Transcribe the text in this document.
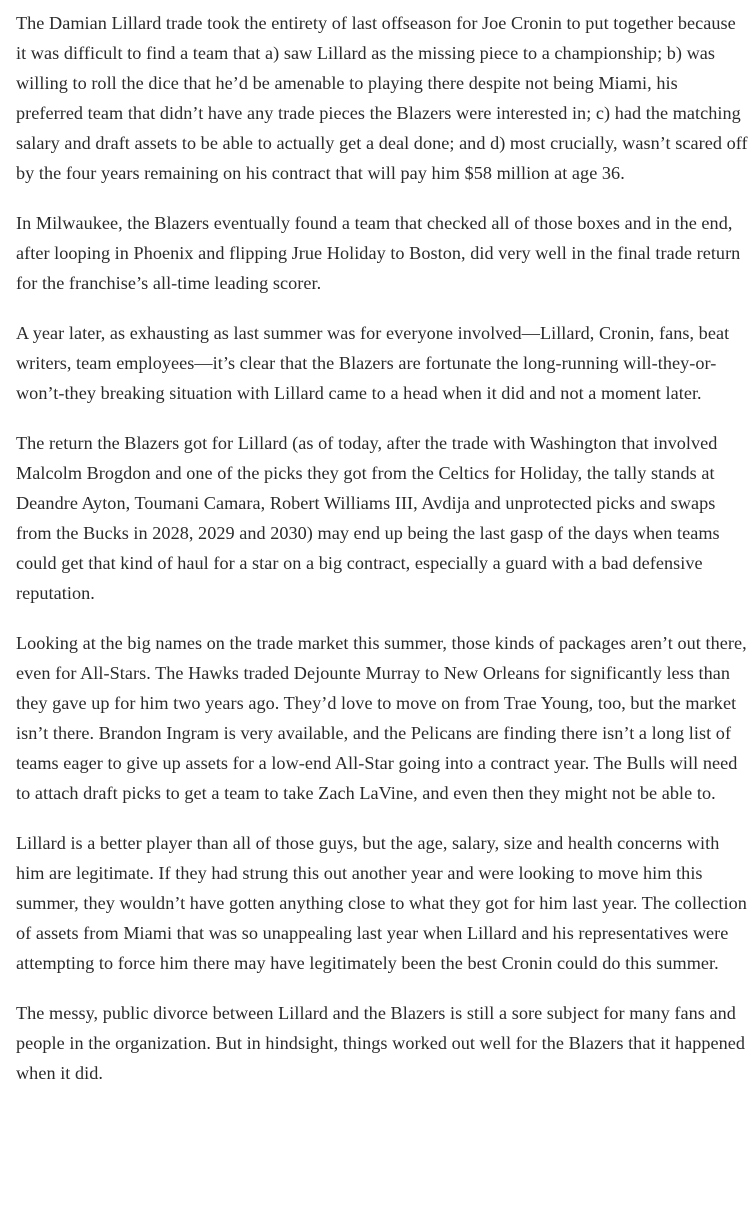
The Damian Lillard trade took the entirety of last offseason for Joe Cronin to put together because it was difficult to find a team that a) saw Lillard as the missing piece to a championship; b) was willing to roll the dice that he’d be amenable to playing there despite not being Miami, his preferred team that didn’t have any trade pieces the Blazers were interested in; c) had the matching salary and draft assets to be able to actually get a deal done; and d) most crucially, wasn’t scared off by the four years remaining on his contract that will pay him $58 million at age 36.

In Milwaukee, the Blazers eventually found a team that checked all of those boxes and in the end, after looping in Phoenix and flipping Jrue Holiday to Boston, did very well in the final trade return for the franchise’s all-time leading scorer.

A year later, as exhausting as last summer was for everyone involved—Lillard, Cronin, fans, beat writers, team employees—it’s clear that the Blazers are fortunate the long-running will-they-or-won’t-they breaking situation with Lillard came to a head when it did and not a moment later.

The return the Blazers got for Lillard (as of today, after the trade with Washington that involved Malcolm Brogdon and one of the picks they got from the Celtics for Holiday, the tally stands at Deandre Ayton, Toumani Camara, Robert Williams III, Avdija and unprotected picks and swaps from the Bucks in 2028, 2029 and 2030) may end up being the last gasp of the days when teams could get that kind of haul for a star on a big contract, especially a guard with a bad defensive reputation.

Looking at the big names on the trade market this summer, those kinds of packages aren’t out there, even for All-Stars. The Hawks traded Dejounte Murray to New Orleans for significantly less than they gave up for him two years ago. They’d love to move on from Trae Young, too, but the market isn’t there. Brandon Ingram is very available, and the Pelicans are finding there isn’t a long list of teams eager to give up assets for a low-end All-Star going into a contract year. The Bulls will need to attach draft picks to get a team to take Zach LaVine, and even then they might not be able to.

Lillard is a better player than all of those guys, but the age, salary, size and health concerns with him are legitimate. If they had strung this out another year and were looking to move him this summer, they wouldn’t have gotten anything close to what they got for him last year. The collection of assets from Miami that was so unappealing last year when Lillard and his representatives were attempting to force him there may have legitimately been the best Cronin could do this summer.

The messy, public divorce between Lillard and the Blazers is still a sore subject for many fans and people in the organization. But in hindsight, things worked out well for the Blazers that it happened when it did.
